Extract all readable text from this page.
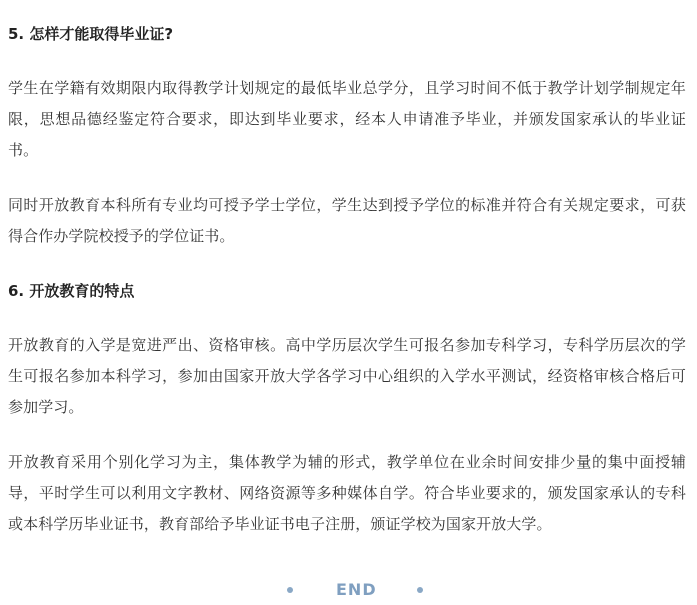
5. 怎样才能取得毕业证?

学生在学籍有效期限内取得教学计划规定的最低毕业总学分，且学习时间不低于教学计划学制规定年限，思想品德经鉴定符合要求，即达到毕业要求，经本人申请准予毕业，并颁发国家承认的毕业证书。

同时开放教育本科所有专业均可授予学士学位，学生达到授予学位的标准并符合有关规定要求，可获得合作办学院校授予的学位证书。

6. 开放教育的特点

开放教育的入学是宽进严出、资格审核。高中学历层次学生可报名参加专科学习，专科学历层次的学生可报名参加本科学习，参加由国家开放大学各学习中心组织的入学水平测试，经资格审核合格后可参加学习。

开放教育采用个别化学习为主，集体教学为辅的形式，教学单位在业余时间安排少量的集中面授辅导，平时学生可以利用文字教材、网络资源等多种媒体自学。符合毕业要求的，颁发国家承认的专科或本科学历毕业证书，教育部给予毕业证书电子注册，颁证学校为国家开放大学。

END
